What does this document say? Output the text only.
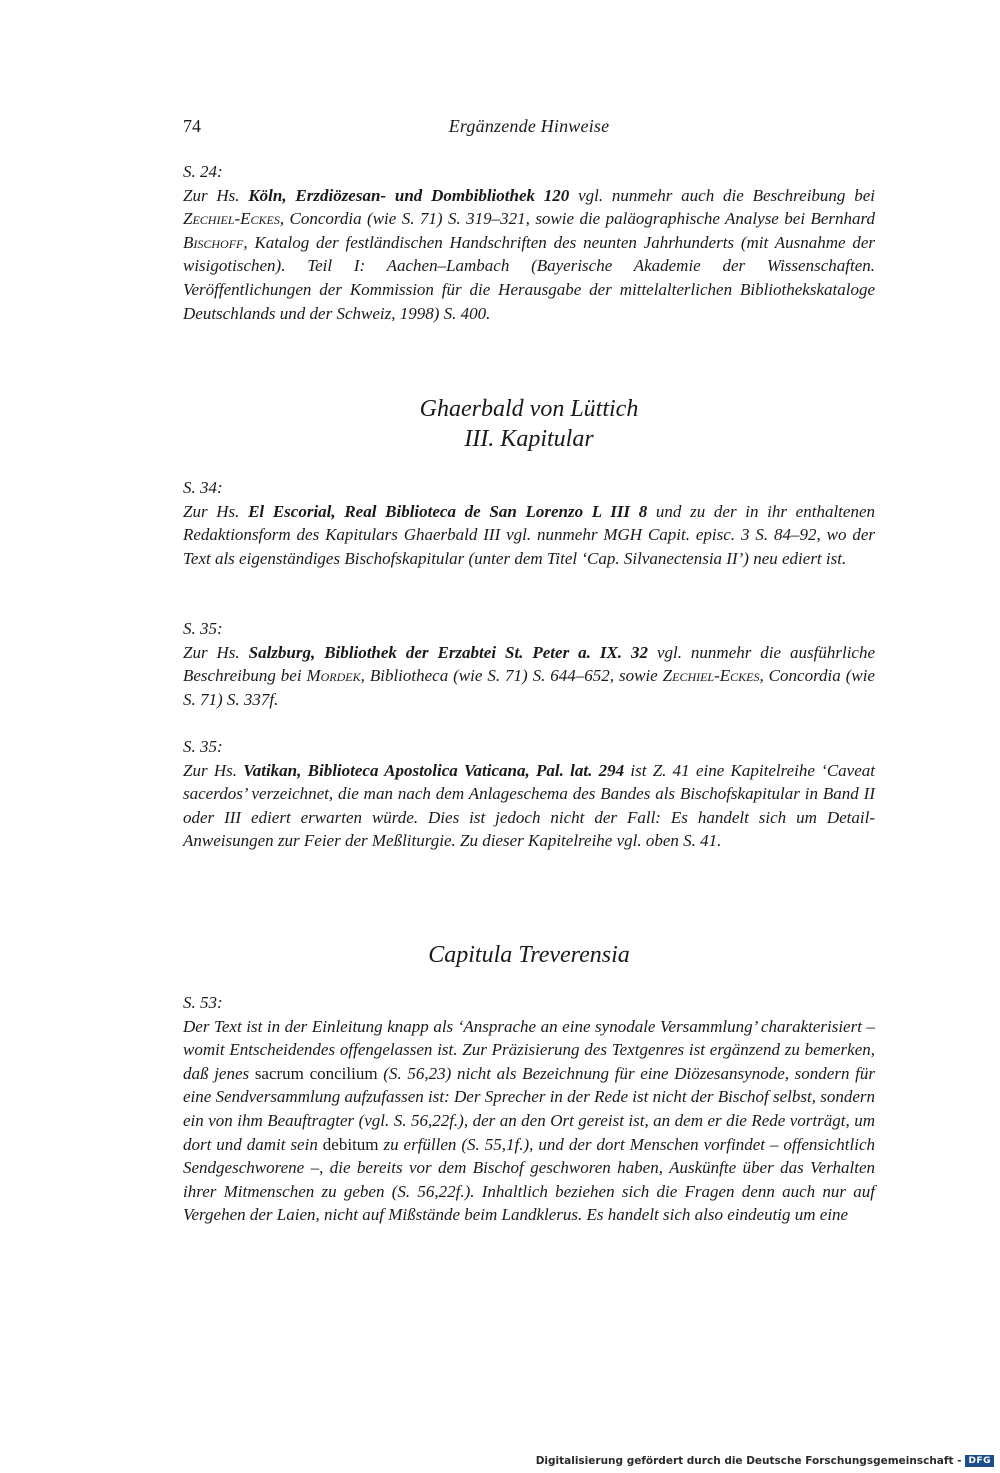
74	Ergänzende Hinweise
S. 24:
Zur Hs. Köln, Erzdiözesan- und Dombibliothek 120 vgl. nunmehr auch die Beschreibung bei Zechiel-Eckes, Concordia (wie S. 71) S. 319–321, sowie die paläographische Analyse bei Bernhard Bischoff, Katalog der festländischen Handschriften des neunten Jahrhunderts (mit Ausnahme der wisigotischen). Teil I: Aachen–Lambach (Bayerische Akademie der Wissenschaften. Veröffentlichungen der Kommission für die Herausgabe der mittelalterlichen Bibliothekskataloge Deutschlands und der Schweiz, 1998) S. 400.
Ghaerbald von Lüttich
III. Kapitular
S. 34:
Zur Hs. El Escorial, Real Biblioteca de San Lorenzo L III 8 und zu der in ihr enthaltenen Redaktionsform des Kapitulars Ghaerbald III vgl. nunmehr MGH Capit. episc. 3 S. 84–92, wo der Text als eigenständiges Bischofskapitular (unter dem Titel ‘Cap. Silvanectensia II’) neu ediert ist.
S. 35:
Zur Hs. Salzburg, Bibliothek der Erzabtei St. Peter a. IX. 32 vgl. nunmehr die ausführliche Beschreibung bei Mordek, Bibliotheca (wie S. 71) S. 644–652, sowie Zechiel-Eckes, Concordia (wie S. 71) S. 337f.
S. 35:
Zur Hs. Vatikan, Biblioteca Apostolica Vaticana, Pal. lat. 294 ist Z. 41 eine Kapitelreihe ‘Caveat sacerdos’ verzeichnet, die man nach dem Anlageschema des Bandes als Bischofskapitular in Band II oder III ediert erwarten würde. Dies ist jedoch nicht der Fall: Es handelt sich um Detail-Anweisungen zur Feier der Meßliturgie. Zu dieser Kapitelreihe vgl. oben S. 41.
Capitula Treverensia
S. 53:
Der Text ist in der Einleitung knapp als ‘Ansprache an eine synodale Versammlung’ charakterisiert – womit Entscheidendes offengelassen ist. Zur Präzisierung des Textgenres ist ergänzend zu bemerken, daß jenes sacrum concilium (S. 56,23) nicht als Bezeichnung für eine Diözesansynode, sondern für eine Sendversammlung aufzufassen ist: Der Sprecher in der Rede ist nicht der Bischof selbst, sondern ein von ihm Beauftragter (vgl. S. 56,22f.), der an den Ort gereist ist, an dem er die Rede vorträgt, um dort und damit sein debitum zu erfüllen (S. 55,1f.), und der dort Menschen vorfindet – offensichtlich Sendgeschworene –, die bereits vor dem Bischof geschworen haben, Auskünfte über das Verhalten ihrer Mitmenschen zu geben (S. 56,22f.). Inhaltlich beziehen sich die Fragen denn auch nur auf Vergehen der Laien, nicht auf Mißstände beim Landklerus. Es handelt sich also eindeutig um eine
Digitalisierung gefördert durch die Deutsche Forschungsgemeinschaft - DFG
